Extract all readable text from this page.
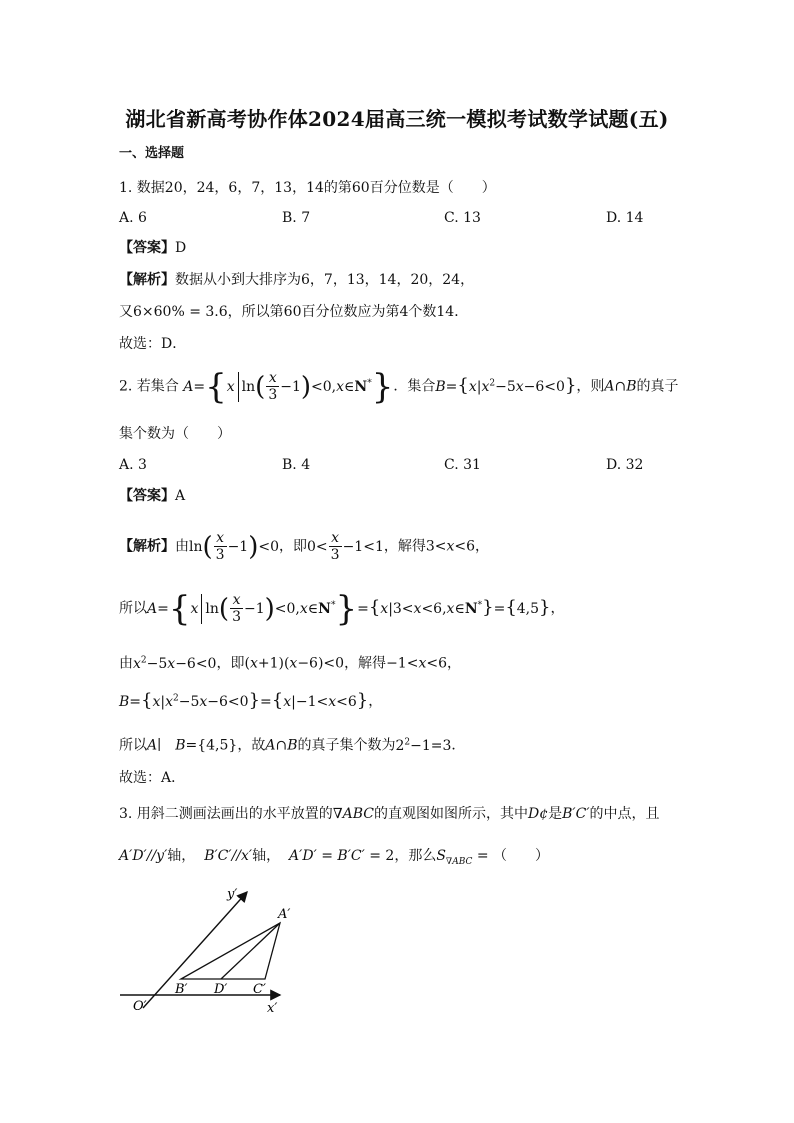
湖北省新高考协作体2024届高三统一模拟考试数学试题(五)
一、选择题
1. 数据20，24，6，7，13，14的第60百分位数是（　　）
A. 6	B. 7	C. 13	D. 14
【答案】D
【解析】数据从小到大排序为6，7，13，14，20，24，
又6×60% = 3.6，所以第60百分位数应为第4个数14．
故选：D．
2. 若集合 A={x $\ln( \frac{x}{3}$ −1)<0,x∈N*}．集合$B=\{x|x^2-5x-6<0\}$，则A∩B的真子
集个数为（　　）
A. 3	B. 4	C. 31	D. 32
【答案】A
【解析】由$\ln( \frac{x}{3} -1)<0$，即$0< \frac{x}{3} -1<1$，解得3<x<6，
所以A={x $\ln( \frac{x}{3}$ −1)<0,x∈N*}={x|3<x<6,x∈N*}={4,5}，
由$x^2-5x-6<0$，即(x+1)(x−6)<0，解得−1<x<6，
$B=\{x|x^2-5x-6<0\}=\{x|-1<x<6\}$，
所以A∣　B={4,5}，故A∩B的真子集个数为$2^2-1=3$．
故选：A．
3. 用斜二测画法画出的水平放置的∇ABC的直观图如图所示，其中D¢是B′C′的中点，且
A′D′//y′轴， B′C′//x′轴， A′D′ = B′C′ = 2，那么$S_{\nabla ABC}$ = （　　）
y′
A′
B′ D′ C′
O′	x′
